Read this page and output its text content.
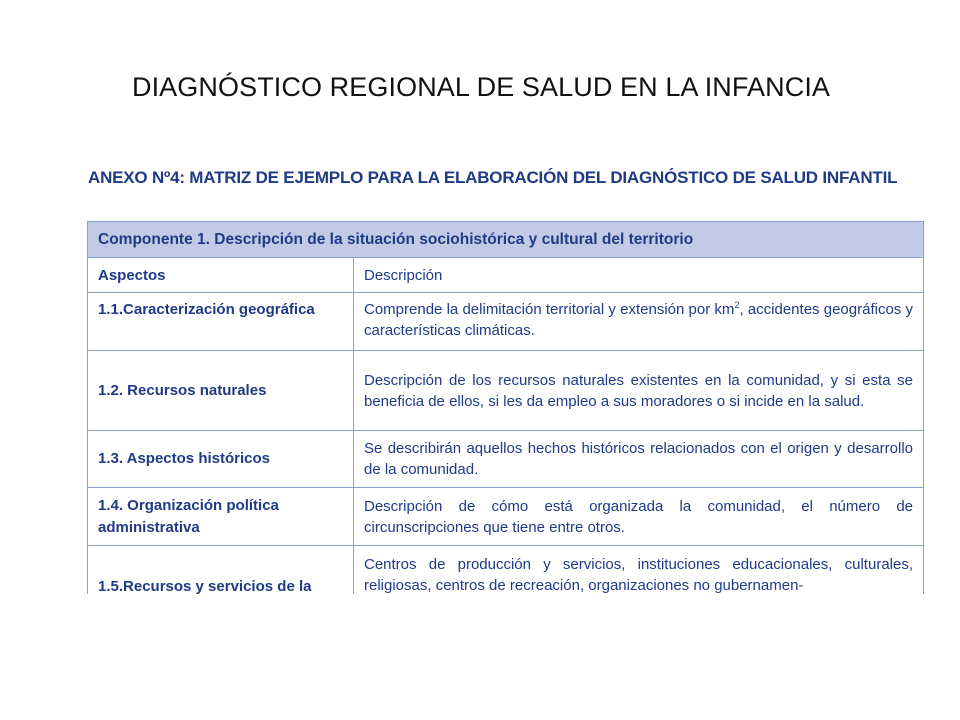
DIAGNÓSTICO REGIONAL DE SALUD EN LA INFANCIA
ANEXO Nº4: MATRIZ DE EJEMPLO PARA LA ELABORACIÓN DEL DIAGNÓSTICO DE SALUD INFANTIL
Componente 1. Descripción de la situación sociohistórica y cultural del territorio	
Aspectos	Descripción
1.1.Caracterización geográfica	Comprende la delimitación territorial y extensión por $km^2$, accidentes geográficos y características climáticas.
1.2. Recursos naturales	Descripción de los recursos naturales existentes en la comunidad, y si esta se beneficia de ellos, si les da empleo a sus moradores o si incide en la salud.
1.3. Aspectos históricos	Se describirán aquellos hechos históricos relacionados con el origen y desarrollo de la comunidad.
1.4. Organización política administrativa	Descripción de cómo está organizada la comunidad, el número de circunscripciones que tiene entre otros.
1.5.Recursos y servicios de la	Centros de producción y servicios, instituciones educacionales, culturales, religiosas, centros de recreación, organizaciones no gubernamen-
